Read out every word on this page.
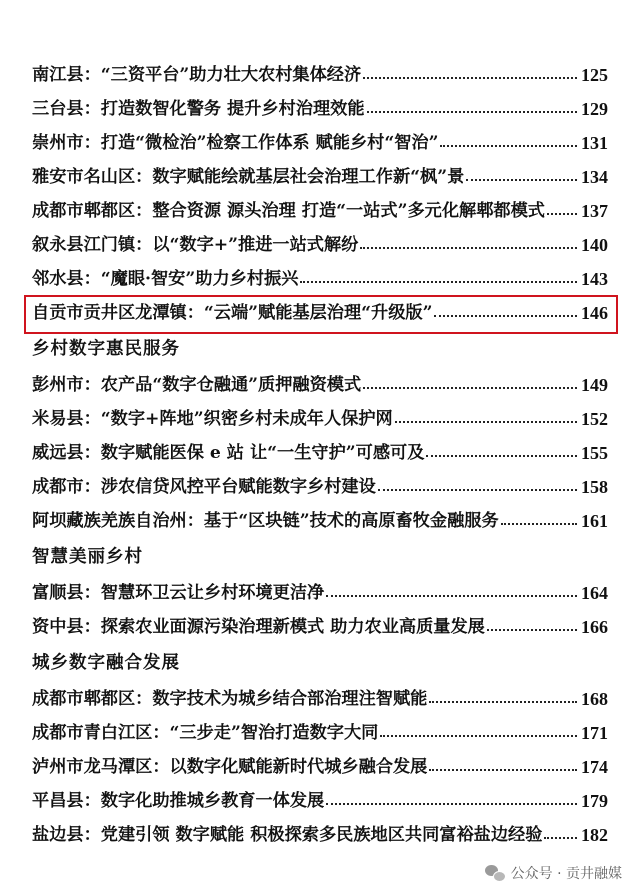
南江县：“三资平台”助力壮大农村集体经济	125
三台县：打造数智化警务 提升乡村治理效能	129
崇州市：打造“微检治”检察工作体系 赋能乡村“智治”	131
雅安市名山区：数字赋能绘就基层社会治理工作新“枫”景	134
成都市郫都区：整合资源 源头治理 打造“一站式”多元化解郫都模式 137
叙永县江门镇：以“数字+”推进一站式解纷	140
邻水县：“魔眼·智安”助力乡村振兴	143
自贡市贡井区龙潭镇：“云端”赋能基层治理“升级版”	146
乡村数字惠民服务
彭州市：农产品“数字仓融通”质押融资模式	149
米易县：“数字+阵地”织密乡村未成年人保护网	152
威远县：数字赋能医保 e 站 让“一生守护”可感可及	155
成都市：涉农信贷风控平台赋能数字乡村建设	158
阿坝藏族羌族自治州：基于“区块链”技术的高原畜牧金融服务	161
智慧美丽乡村
富顺县：智慧环卫云让乡村环境更洁净	164
资中县：探索农业面源污染治理新模式 助力农业高质量发展	166
城乡数字融合发展
成都市郫都区：数字技术为城乡结合部治理注智赋能	168
成都市青白江区：“三步走”智治打造数字大同	171
泸州市龙马潭区：以数字化赋能新时代城乡融合发展	174
平昌县：数字化助推城乡教育一体发展	179
盐边县：党建引领 数字赋能 积极探索多民族地区共同富裕盐边经验 182
公众号 · 贡井融媒
